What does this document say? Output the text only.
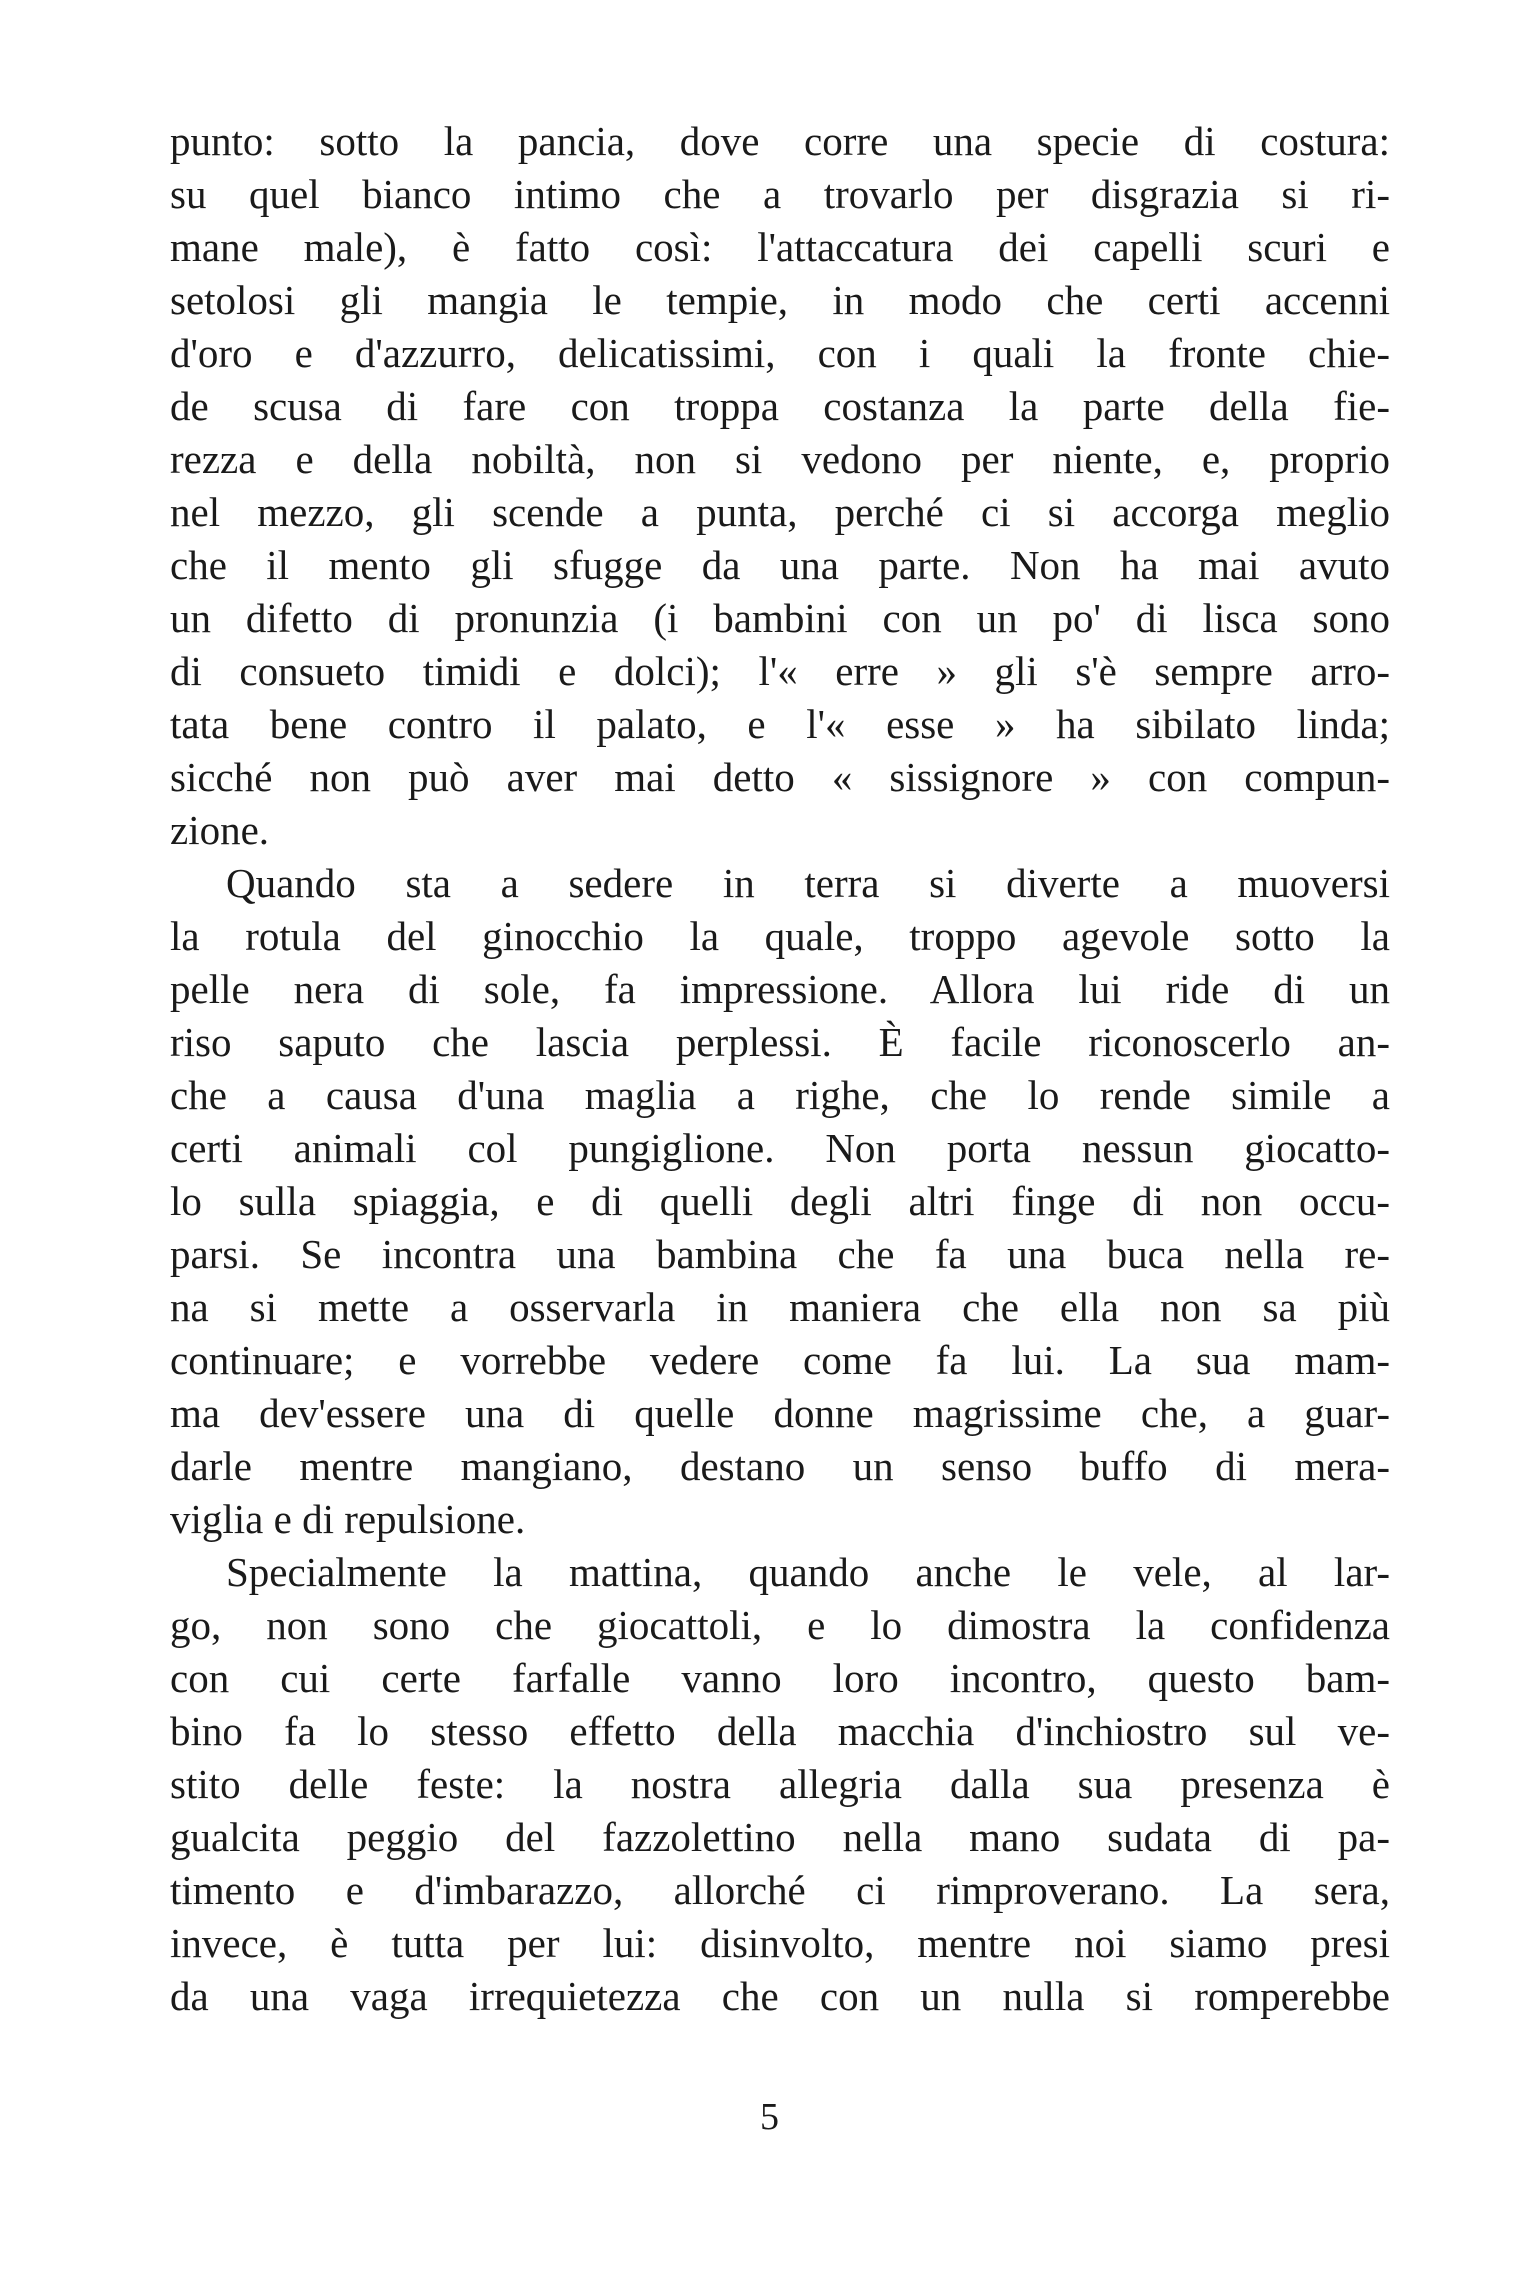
punto: sotto la pancia, dove corre una specie di costura:
su quel bianco intimo che a trovarlo per disgrazia si ri-
mane male), è fatto così: l'attaccatura dei capelli scuri e
setolosi gli mangia le tempie, in modo che certi accenni
d'oro e d'azzurro, delicatissimi, con i quali la fronte chie-
de scusa di fare con troppa costanza la parte della fie-
rezza e della nobiltà, non si vedono per niente, e, proprio
nel mezzo, gli scende a punta, perché ci si accorga meglio
che il mento gli sfugge da una parte. Non ha mai avuto
un difetto di pronunzia (i bambini con un po' di lisca sono
di consueto timidi e dolci); l'« erre » gli s'è sempre arro-
tata bene contro il palato, e l'« esse » ha sibilato linda;
sicché non può aver mai detto « sissignore » con compun-
zione.
Quando sta a sedere in terra si diverte a muoversi
la rotula del ginocchio la quale, troppo agevole sotto la
pelle nera di sole, fa impressione. Allora lui ride di un
riso saputo che lascia perplessi. È facile riconoscerlo an-
che a causa d'una maglia a righe, che lo rende simile a
certi animali col pungiglione. Non porta nessun giocatto-
lo sulla spiaggia, e di quelli degli altri finge di non occu-
parsi. Se incontra una bambina che fa una buca nella re-
na si mette a osservarla in maniera che ella non sa più
continuare; e vorrebbe vedere come fa lui. La sua mam-
ma dev'essere una di quelle donne magrissime che, a guar-
darle mentre mangiano, destano un senso buffo di mera-
viglia e di repulsione.
Specialmente la mattina, quando anche le vele, al lar-
go, non sono che giocattoli, e lo dimostra la confidenza
con cui certe farfalle vanno loro incontro, questo bam-
bino fa lo stesso effetto della macchia d'inchiostro sul ve-
stito delle feste: la nostra allegria dalla sua presenza è
gualcita peggio del fazzolettino nella mano sudata di pa-
timento e d'imbarazzo, allorché ci rimproverano. La sera,
invece, è tutta per lui: disinvolto, mentre noi siamo presi
da una vaga irrequietezza che con un nulla si romperebbe
5
